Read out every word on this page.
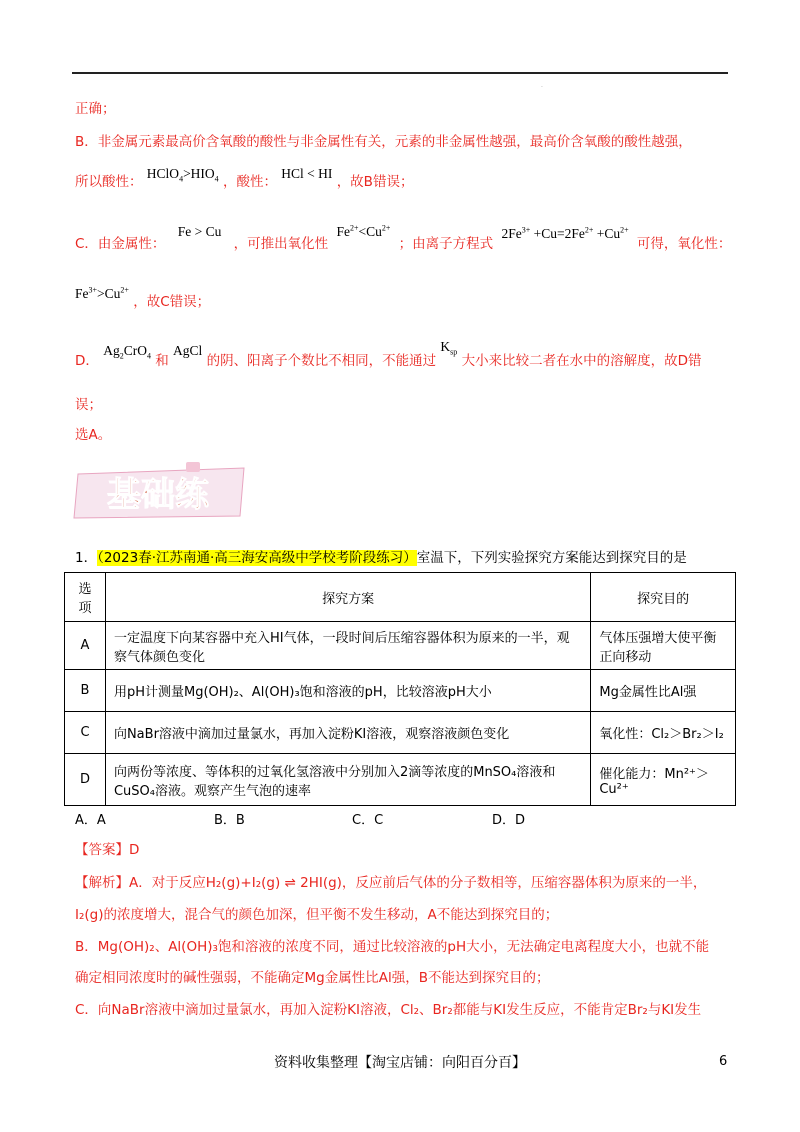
.
正确；
B．非金属元素最高价含氧酸的酸性与非金属性有关，元素的非金属性越强，最高价含氧酸的酸性越强，
所以酸性： $HClO_4>HIO_4$ ，酸性： HCl < HI ，故B错误；
C．由金属性： Fe > Cu ，可推出氧化性 $Fe^{2+}<Cu^{2+}$ ；由离子方程式 $2Fe^{3+} +Cu=2Fe^{2+} +Cu^{2+}$ 可得，氧化性：
$Fe^{3+}>Cu^{2+}$ ，故C错误；
D． $Ag_2CrO_4$ 和 AgCl 的阴、阳离子个数比不相同，不能通过 $K_{sp}$ 大小来比较二者在水中的溶解度，故D错
误；
选A。
基础练
1．（2023春·江苏南通·高三海安高级中学校考阶段练习）室温下，下列实验探究方案能达到探究目的是
选项	探究方案	探究目的
A	一定温度下向某容器中充入HI气体，一段时间后压缩容器体积为原来的一半，观察气体颜色变化	气体压强增大使平衡正向移动
B	用pH计测量Mg(OH)₂、Al(OH)₃饱和溶液的pH，比较溶液pH大小	Mg金属性比Al强
C	向NaBr溶液中滴加过量氯水，再加入淀粉KI溶液，观察溶液颜色变化	氧化性：Cl₂＞Br₂＞I₂
D	向两份等浓度、等体积的过氧化氢溶液中分别加入2滴等浓度的MnSO₄溶液和CuSO₄溶液。观察产生气泡的速率	催化能力：Mn²⁺＞Cu²⁺
A．A	B．B	C．C	D．D
【答案】D
【解析】A．对于反应H₂(g)+I₂(g) ⇌ 2HI(g)，反应前后气体的分子数相等，压缩容器体积为原来的一半，
I₂(g)的浓度增大，混合气的颜色加深，但平衡不发生移动，A不能达到探究目的；
B．Mg(OH)₂、Al(OH)₃饱和溶液的浓度不同，通过比较溶液的pH大小，无法确定电离程度大小，也就不能
确定相同浓度时的碱性强弱，不能确定Mg金属性比Al强，B不能达到探究目的；
C．向NaBr溶液中滴加过量氯水，再加入淀粉KI溶液，Cl₂、Br₂都能与KI发生反应，不能肯定Br₂与KI发生
资料收集整理【淘宝店铺：向阳百分百】	6
